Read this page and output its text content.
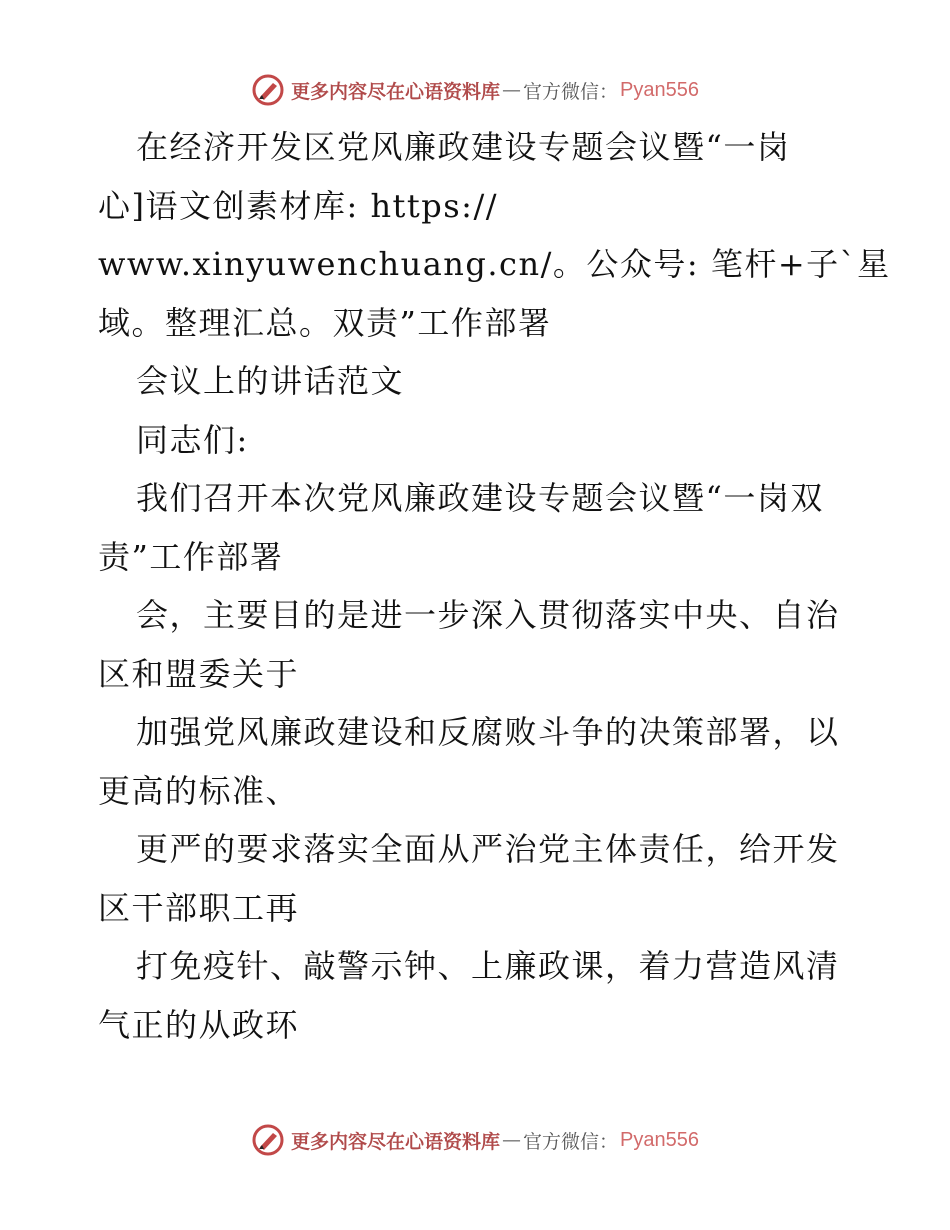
更多内容尽在心语资料库 — 官方微信： Pyan556
在经济开发区党风廉政建设专题会议暨“一岗
心]语文创素材库: https://
www.xinyuwenchuang.cn/。公众号: 笔杆+子`星
域。整理汇总。双责”工作部署
会议上的讲话范文
同志们:
我们召开本次党风廉政建设专题会议暨“一岗双
责”工作部署
会，主要目的是进一步深入贯彻落实中央、自治
区和盟委关于
加强党风廉政建设和反腐败斗争的决策部署，以
更高的标准、
更严的要求落实全面从严治党主体责任，给开发
区干部职工再
打免疫针、敲警示钟、上廉政课，着力营造风清
气正的从政环
更多内容尽在心语资料库 — 官方微信： Pyan556
